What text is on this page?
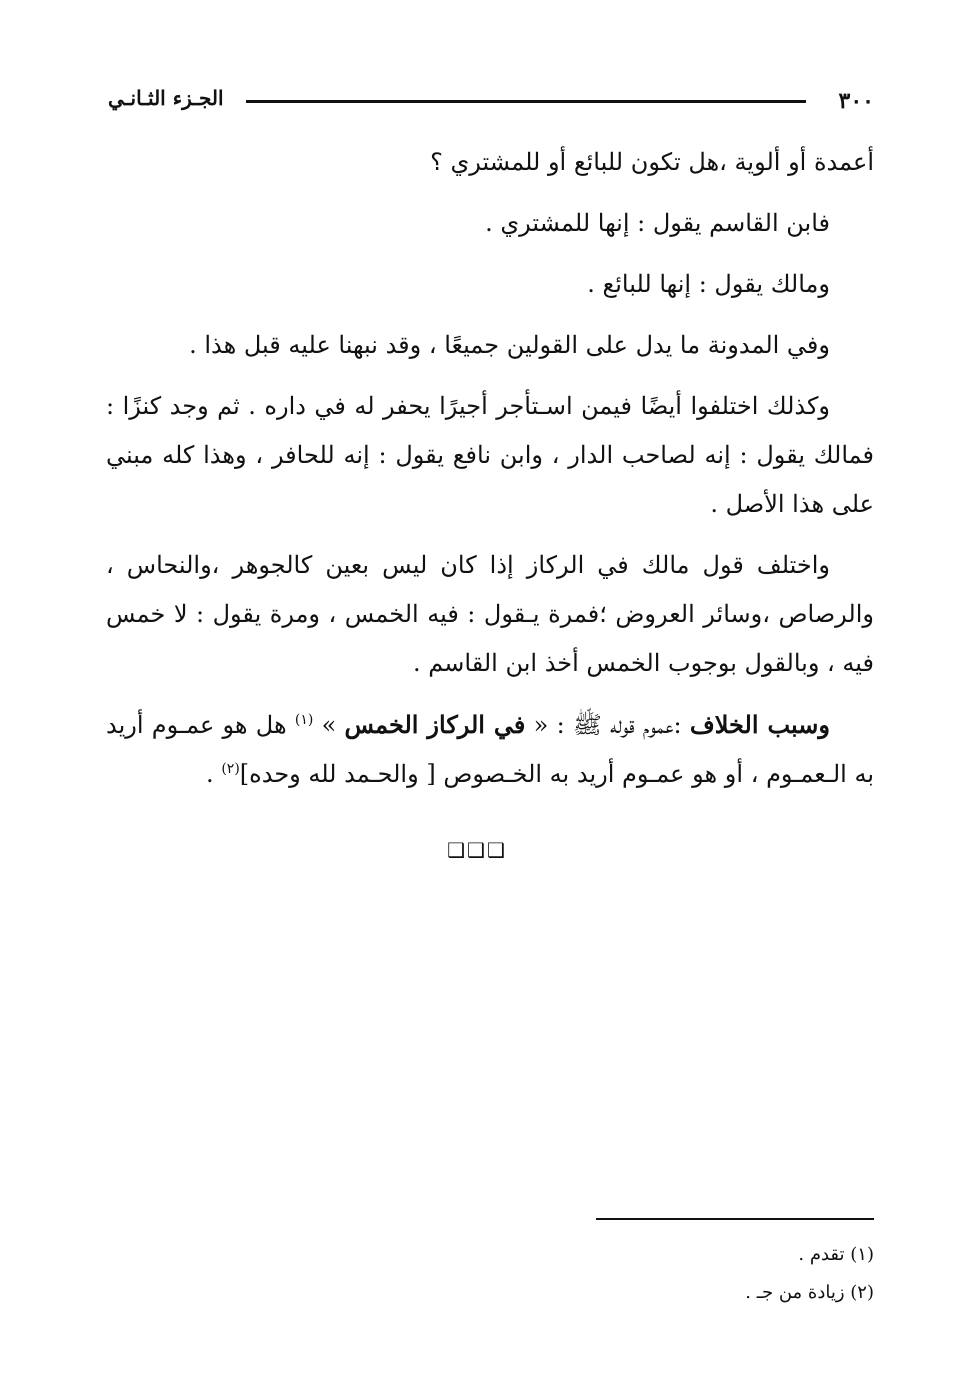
٣٠٠
الجـزء الثـانـي

أعمدة أو ألوية ،هل تكون للبائع أو للمشتري ؟

فابن القاسم يقول : إنها للمشتري .

ومالك يقول : إنها للبائع .

وفي المدونة ما يدل على القولين جميعًا ، وقد نبهنا عليه قبل هذا .

وكذلك اختلفوا أيضًا فيمن اسـتأجر أجيرًا يحفر له في داره . ثم وجد كنزًا : فمالك يقول : إنه لصاحب الدار ، وابن نافع يقول : إنه للحافر ، وهذا كله مبني على هذا الأصل .

واختلف قول مالك في الركاز إذا كان ليس بعين كالجوهر ،والنحاس ، والرصاص ،وسائر العروض ؛فمرة يـقول : فيه الخمس ، ومرة يقول : لا خمس فيه ، وبالقول بوجوب الخمس أخذ ابن القاسم .

وسبب الخلاف :عموم قوله ﷺ : « في الركاز الخمس » $^{(١)}$ هل هو عمـوم أريد به الـعمـوم ، أو هو عمـوم أريد به الخـصوص [ والحـمد لله وحده]$^{(٢)}$ .

❑❑❑

(١) تقدم .

(٢) زيادة من جـ .
